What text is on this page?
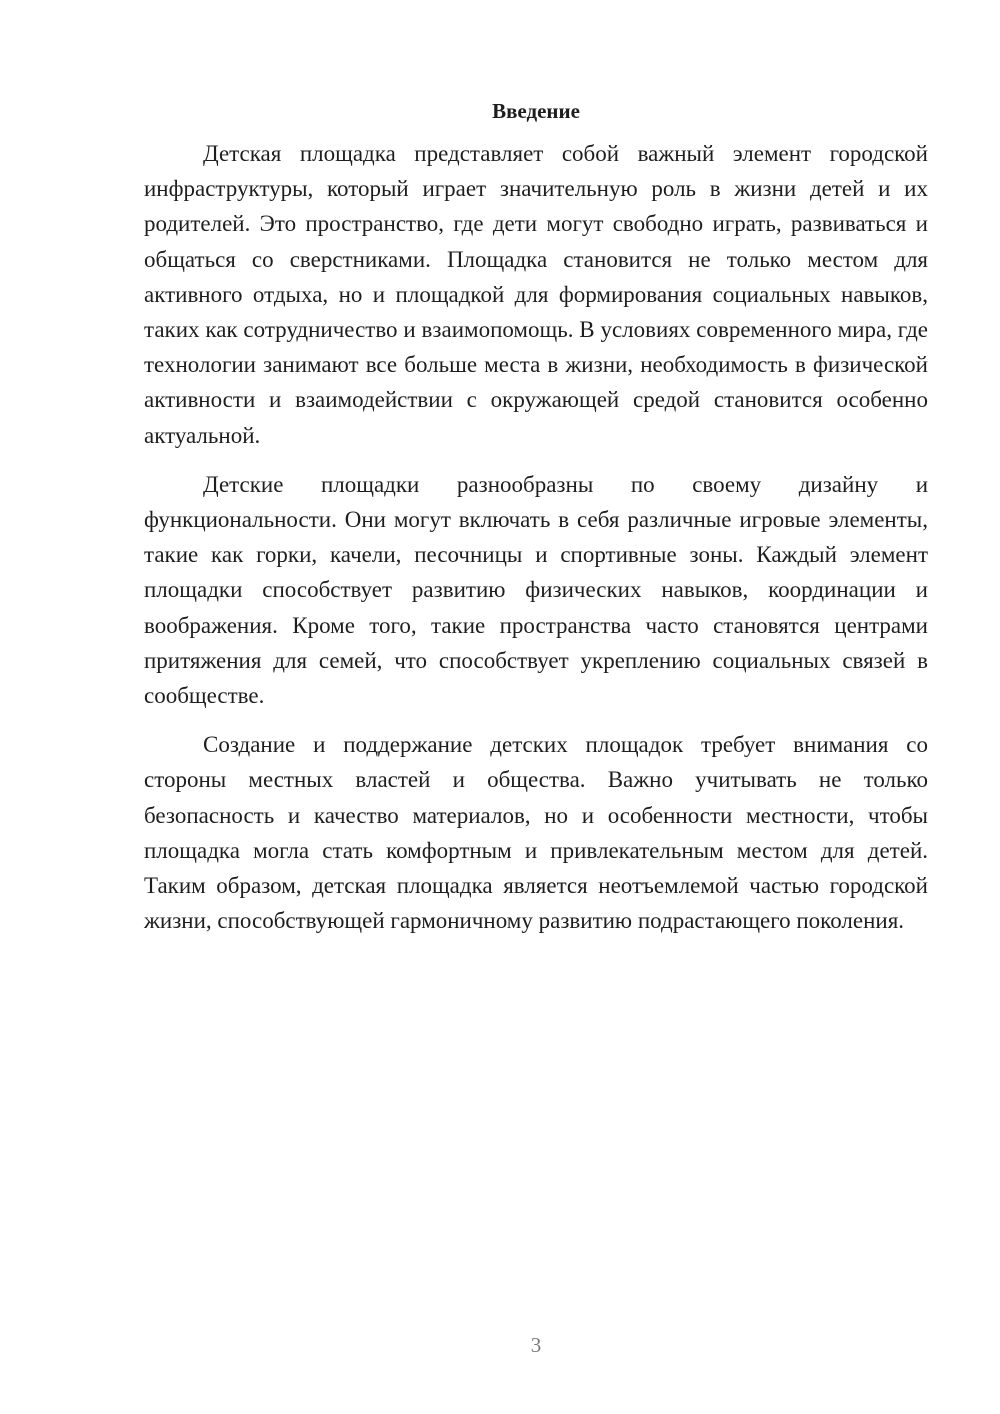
Введение

Детская площадка представляет собой важный элемент городской инфраструктуры, который играет значительную роль в жизни детей и их родителей. Это пространство, где дети могут свободно играть, развиваться и общаться со сверстниками. Площадка становится не только местом для активного отдыха, но и площадкой для формирования социальных навыков, таких как сотрудничество и взаимопомощь. В условиях современного мира, где технологии занимают все больше места в жизни, необходимость в физической активности и взаимодействии с окружающей средой становится особенно актуальной.

Детские площадки разнообразны по своему дизайну и функциональности. Они могут включать в себя различные игровые элементы, такие как горки, качели, песочницы и спортивные зоны. Каждый элемент площадки способствует развитию физических навыков, координации и воображения. Кроме того, такие пространства часто становятся центрами притяжения для семей, что способствует укреплению социальных связей в сообществе.

Создание и поддержание детских площадок требует внимания со стороны местных властей и общества. Важно учитывать не только безопасность и качество материалов, но и особенности местности, чтобы площадка могла стать комфортным и привлекательным местом для детей. Таким образом, детская площадка является неотъемлемой частью городской жизни, способствующей гармоничному развитию подрастающего поколения.

3
